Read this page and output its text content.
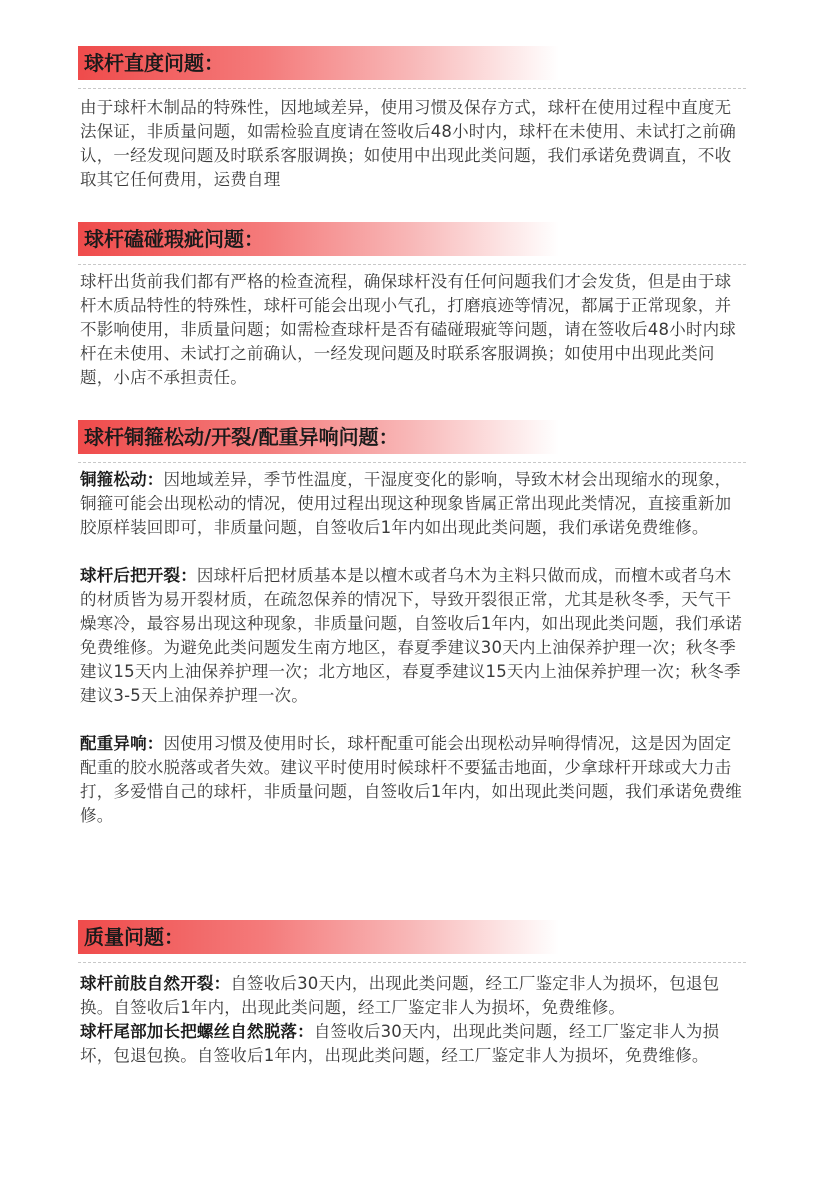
球杆直度问题：

由于球杆木制品的特殊性，因地域差异，使用习惯及保存方式，球杆在使用过程中直度无法保证，非质量问题，如需检验直度请在签收后48小时内，球杆在未使用、未试打之前确认，一经发现问题及时联系客服调换；如使用中出现此类问题，我们承诺免费调直，不收取其它任何费用，运费自理

球杆磕碰瑕疵问题：

球杆出货前我们都有严格的检查流程，确保球杆没有任何问题我们才会发货，但是由于球杆木质品特性的特殊性，球杆可能会出现小气孔，打磨痕迹等情况，都属于正常现象，并不影响使用，非质量问题；如需检查球杆是否有磕碰瑕疵等问题，请在签收后48小时内球杆在未使用、未试打之前确认，一经发现问题及时联系客服调换；如使用中出现此类问题，小店不承担责任。

球杆铜箍松动/开裂/配重异响问题：

铜箍松动：因地域差异，季节性温度，干湿度变化的影响，导致木材会出现缩水的现象，铜箍可能会出现松动的情况，使用过程出现这种现象皆属正常出现此类情况，直接重新加胶原样装回即可，非质量问题，自签收后1年内如出现此类问题，我们承诺免费维修。

球杆后把开裂：因球杆后把材质基本是以檀木或者乌木为主料只做而成，而檀木或者乌木的材质皆为易开裂材质，在疏忽保养的情况下，导致开裂很正常，尤其是秋冬季，天气干燥寒冷，最容易出现这种现象，非质量问题，自签收后1年内，如出现此类问题，我们承诺免费维修。为避免此类问题发生南方地区，春夏季建议30天内上油保养护理一次；秋冬季建议15天内上油保养护理一次；北方地区，春夏季建议15天内上油保养护理一次；秋冬季建议3-5天上油保养护理一次。

配重异响：因使用习惯及使用时长，球杆配重可能会出现松动异响得情况，这是因为固定配重的胶水脱落或者失效。建议平时使用时候球杆不要猛击地面，少拿球杆开球或大力击打，多爱惜自己的球杆，非质量问题，自签收后1年内，如出现此类问题，我们承诺免费维修。

质量问题：

球杆前肢自然开裂：自签收后30天内，出现此类问题，经工厂鉴定非人为损坏，包退包换。自签收后1年内，出现此类问题，经工厂鉴定非人为损坏，免费维修。

球杆尾部加长把螺丝自然脱落：自签收后30天内，出现此类问题，经工厂鉴定非人为损坏，包退包换。自签收后1年内，出现此类问题，经工厂鉴定非人为损坏，免费维修。
